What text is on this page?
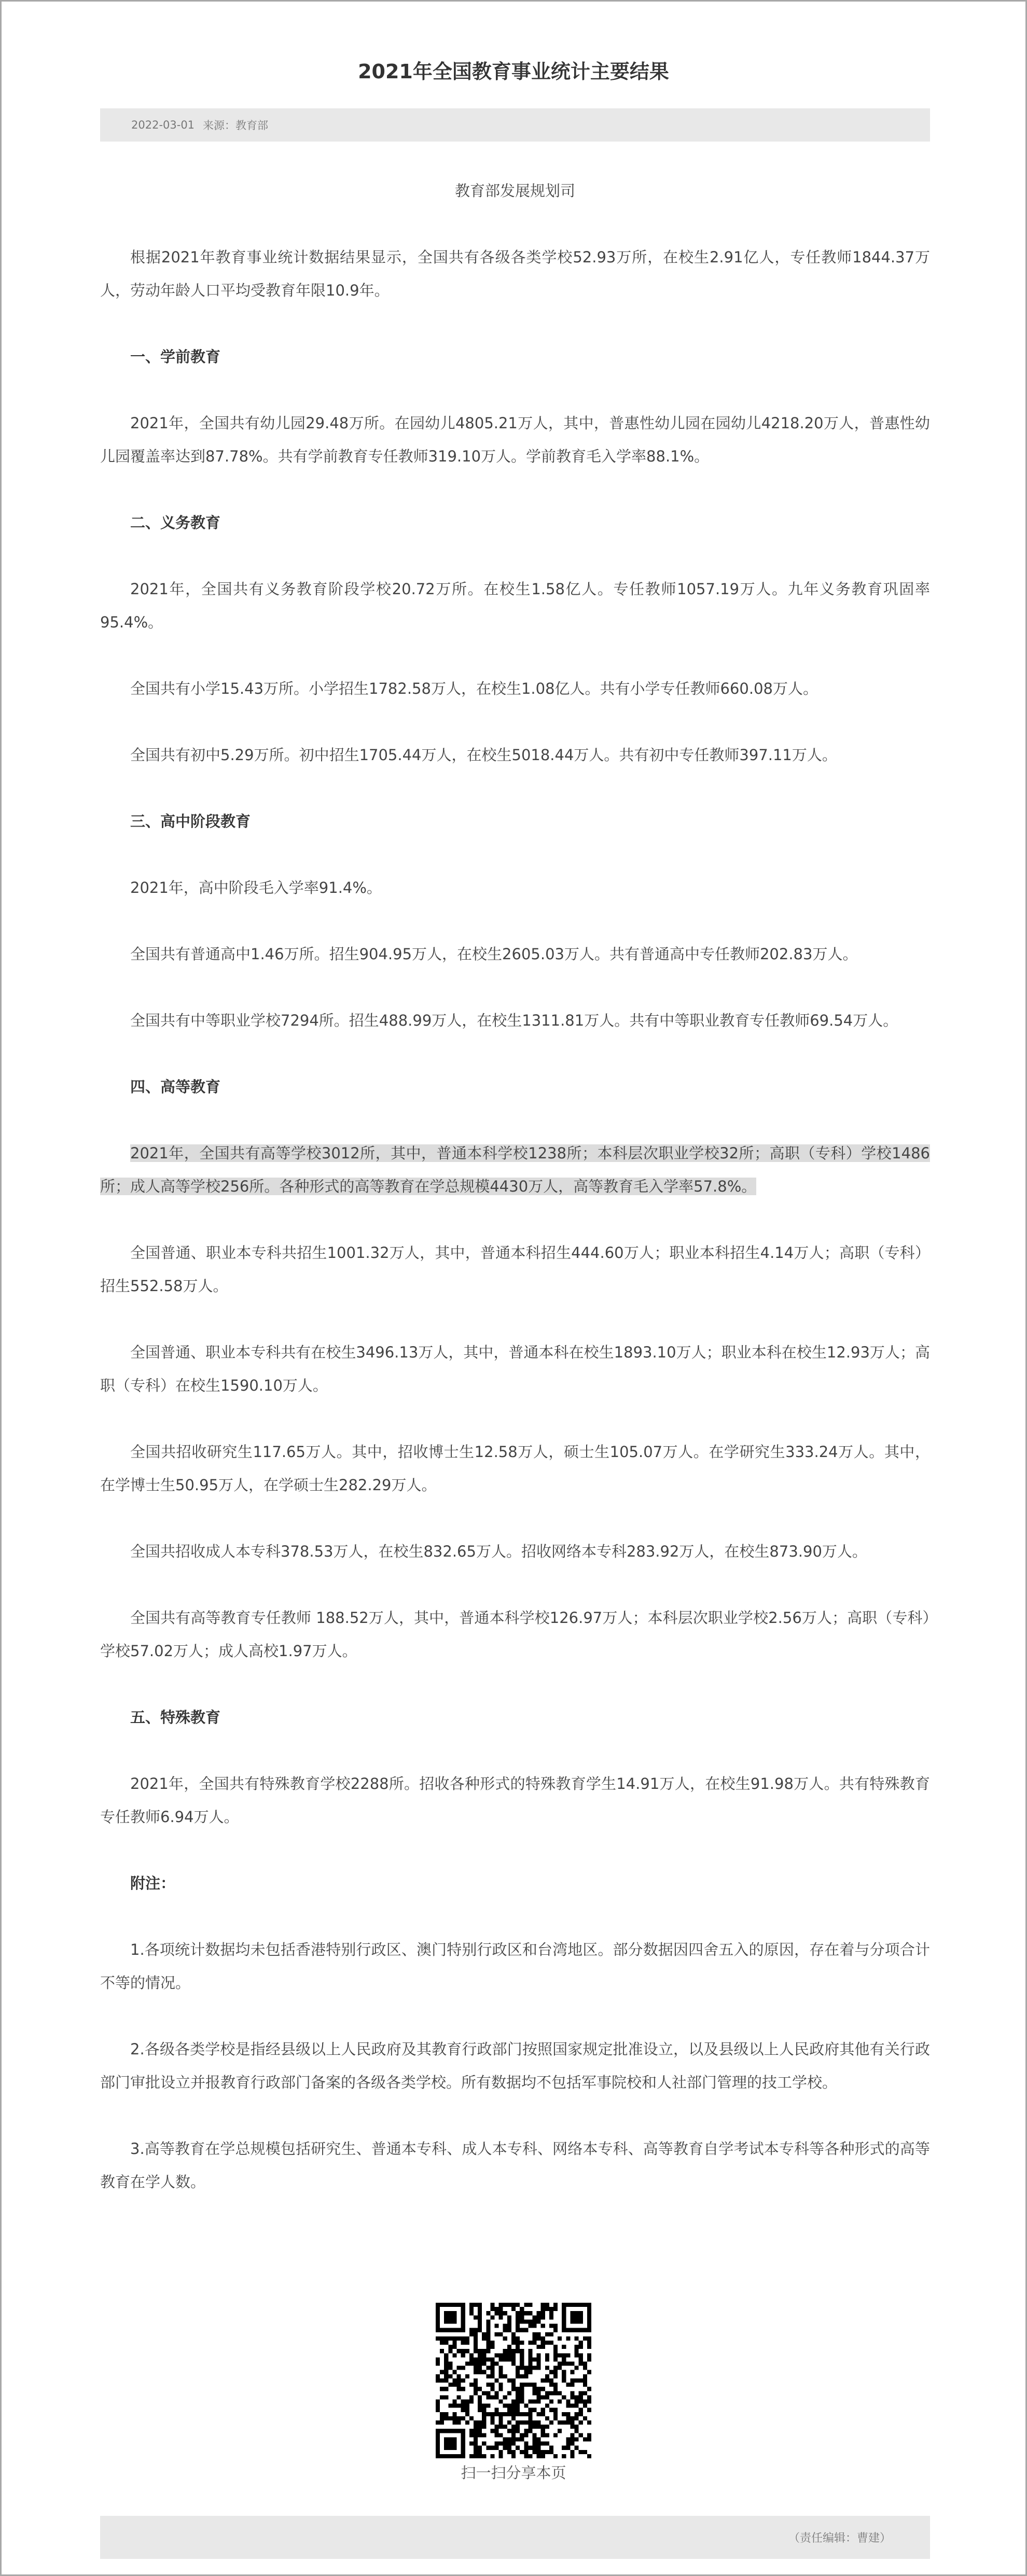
2021年全国教育事业统计主要结果
2022-03-01 来源：教育部

教育部发展规划司

根据2021年教育事业统计数据结果显示，全国共有各级各类学校52.93万所，在校生2.91亿人，专任教师1844.37万人，劳动年龄人口平均受教育年限10.9年。

一、学前教育

2021年，全国共有幼儿园29.48万所。在园幼儿4805.21万人，其中，普惠性幼儿园在园幼儿4218.20万人，普惠性幼儿园覆盖率达到87.78%。共有学前教育专任教师319.10万人。学前教育毛入学率88.1%。

二、义务教育

2021年，全国共有义务教育阶段学校20.72万所。在校生1.58亿人。专任教师1057.19万人。九年义务教育巩固率95.4%。

全国共有小学15.43万所。小学招生1782.58万人，在校生1.08亿人。共有小学专任教师660.08万人。

全国共有初中5.29万所。初中招生1705.44万人，在校生5018.44万人。共有初中专任教师397.11万人。

三、高中阶段教育

2021年，高中阶段毛入学率91.4%。

全国共有普通高中1.46万所。招生904.95万人，在校生2605.03万人。共有普通高中专任教师202.83万人。

全国共有中等职业学校7294所。招生488.99万人，在校生1311.81万人。共有中等职业教育专任教师69.54万人。

四、高等教育

2021年，全国共有高等学校3012所，其中，普通本科学校1238所；本科层次职业学校32所；高职（专科）学校1486所；成人高等学校256所。各种形式的高等教育在学总规模4430万人，高等教育毛入学率57.8%。

全国普通、职业本专科共招生1001.32万人，其中，普通本科招生444.60万人；职业本科招生4.14万人；高职（专科）招生552.58万人。

全国普通、职业本专科共有在校生3496.13万人，其中，普通本科在校生1893.10万人；职业本科在校生12.93万人；高职（专科）在校生1590.10万人。

全国共招收研究生117.65万人。其中，招收博士生12.58万人，硕士生105.07万人。在学研究生333.24万人。其中，在学博士生50.95万人，在学硕士生282.29万人。

全国共招收成人本专科378.53万人，在校生832.65万人。招收网络本专科283.92万人，在校生873.90万人。

全国共有高等教育专任教师 188.52万人，其中，普通本科学校126.97万人；本科层次职业学校2.56万人；高职（专科）学校57.02万人；成人高校1.97万人。

五、特殊教育

2021年，全国共有特殊教育学校2288所。招收各种形式的特殊教育学生14.91万人，在校生91.98万人。共有特殊教育专任教师6.94万人。

附注：

1.各项统计数据均未包括香港特别行政区、澳门特别行政区和台湾地区。部分数据因四舍五入的原因，存在着与分项合计不等的情况。

2.各级各类学校是指经县级以上人民政府及其教育行政部门按照国家规定批准设立，以及县级以上人民政府其他有关行政部门审批设立并报教育行政部门备案的各级各类学校。所有数据均不包括军事院校和人社部门管理的技工学校。

3.高等教育在学总规模包括研究生、普通本专科、成人本专科、网络本专科、高等教育自学考试本专科等各种形式的高等教育在学人数。

扫一扫分享本页
（责任编辑：曹建）
